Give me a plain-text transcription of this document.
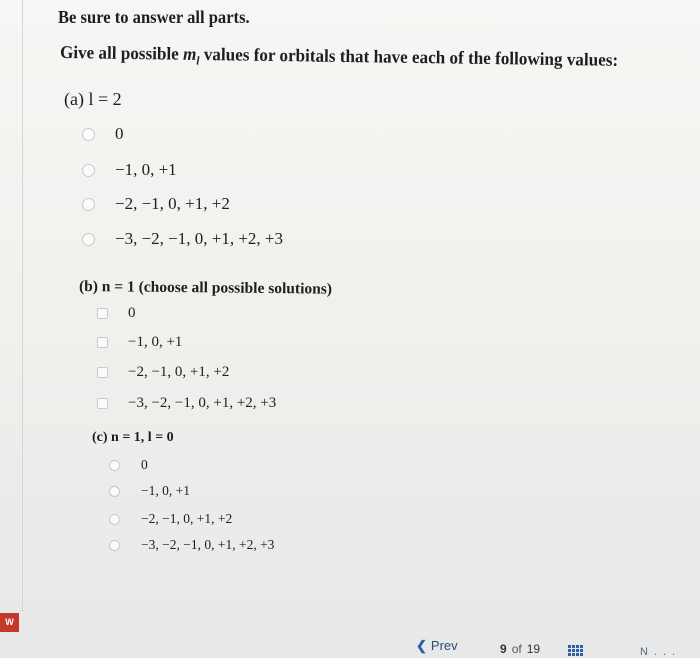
Be sure to answer all parts.
Give all possible $m_l$ values for orbitals that have each of the following values:
(a) l = 2
0
−1, 0, +1
−2, −1, 0, +1, +2
−3, −2, −1, 0, +1, +2, +3
(b) n = 1 (choose all possible solutions)
0
−1, 0, +1
−2, −1, 0, +1, +2
−3, −2, −1, 0, +1, +2, +3
(c) n = 1, l = 0
0
−1, 0, +1
−2, −1, 0, +1, +2
−3, −2, −1, 0, +1, +2, +3
W
❮ Prev	9 of 19	N...
